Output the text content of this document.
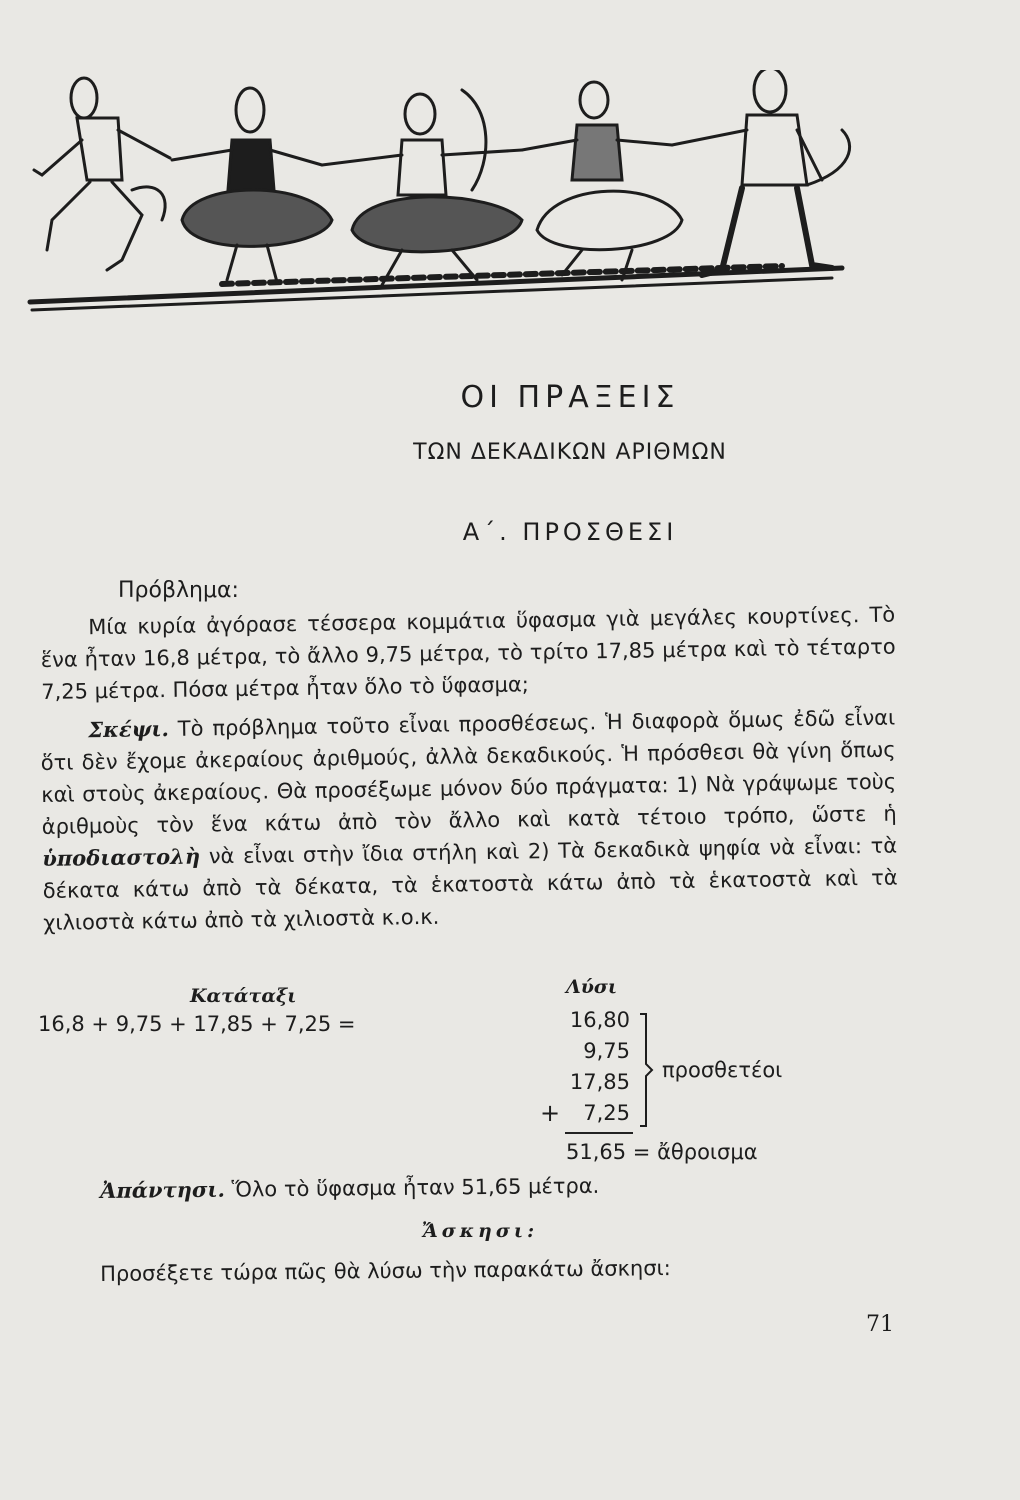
ΟΙ ΠΡΑΞΕΙΣ
ΤΩΝ ΔΕΚΑΔΙΚΩΝ ΑΡΙΘΜΩΝ
Α΄. ΠΡΟΣΘΕΣΙ
Πρόβλημα:

Μία κυρία ἀγόρασε τέσσερα κομμάτια ὕφασμα γιὰ μεγάλες κουρτίνες. Τὸ ἕνα ἦταν 16,8 μέτρα, τὸ ἄλλο 9,75 μέτρα, τὸ τρίτο 17,85 μέτρα καὶ τὸ τέταρτο 7,25 μέτρα. Πόσα μέτρα ἦταν ὅλο τὸ ὕφασμα;

Σκέψι. Τὸ πρόβλημα τοῦτο εἶναι προσθέσεως. Ἡ διαφορὰ ὅμως ἐδῶ εἶναι ὅτι δὲν ἔχομε ἀκεραίους ἀριθμούς, ἀλλὰ δεκαδικούς. Ἡ πρόσθεσι θὰ γίνη ὅπως καὶ στοὺς ἀκεραίους. Θὰ προσέξωμε μόνον δύο πράγματα: 1) Νὰ γράψωμε τοὺς ἀριθμοὺς τὸν ἕνα κάτω ἀπὸ τὸν ἄλλο καὶ κατὰ τέτοιο τρόπο, ὥστε ἡ ὑποδιαστολὴ νὰ εἶναι στὴν ἴδια στήλη καὶ 2) Τὰ δεκαδικὰ ψηφία νὰ εἶναι: τὰ δέκατα κάτω ἀπὸ τὰ δέκατα, τὰ ἑκατοστὰ κάτω ἀπὸ τὰ ἑκατοστὰ καὶ τὰ χιλιοστὰ κάτω ἀπὸ τὰ χιλιοστὰ κ.ο.κ.

Κατάταξι	Λύσι
16,8 + 9,75 + 17,85 + 7,25 =	16,80
9,75
17,85
7,25
+
προσθετέοι
51,65 = ἄθροισμα
Ἀπάντησι. Ὅλο τὸ ὕφασμα ἦταν 51,65 μέτρα.
Ἄσκησι:
Προσέξετε τώρα πῶς θὰ λύσω τὴν παρακάτω ἄσκησι:
71
